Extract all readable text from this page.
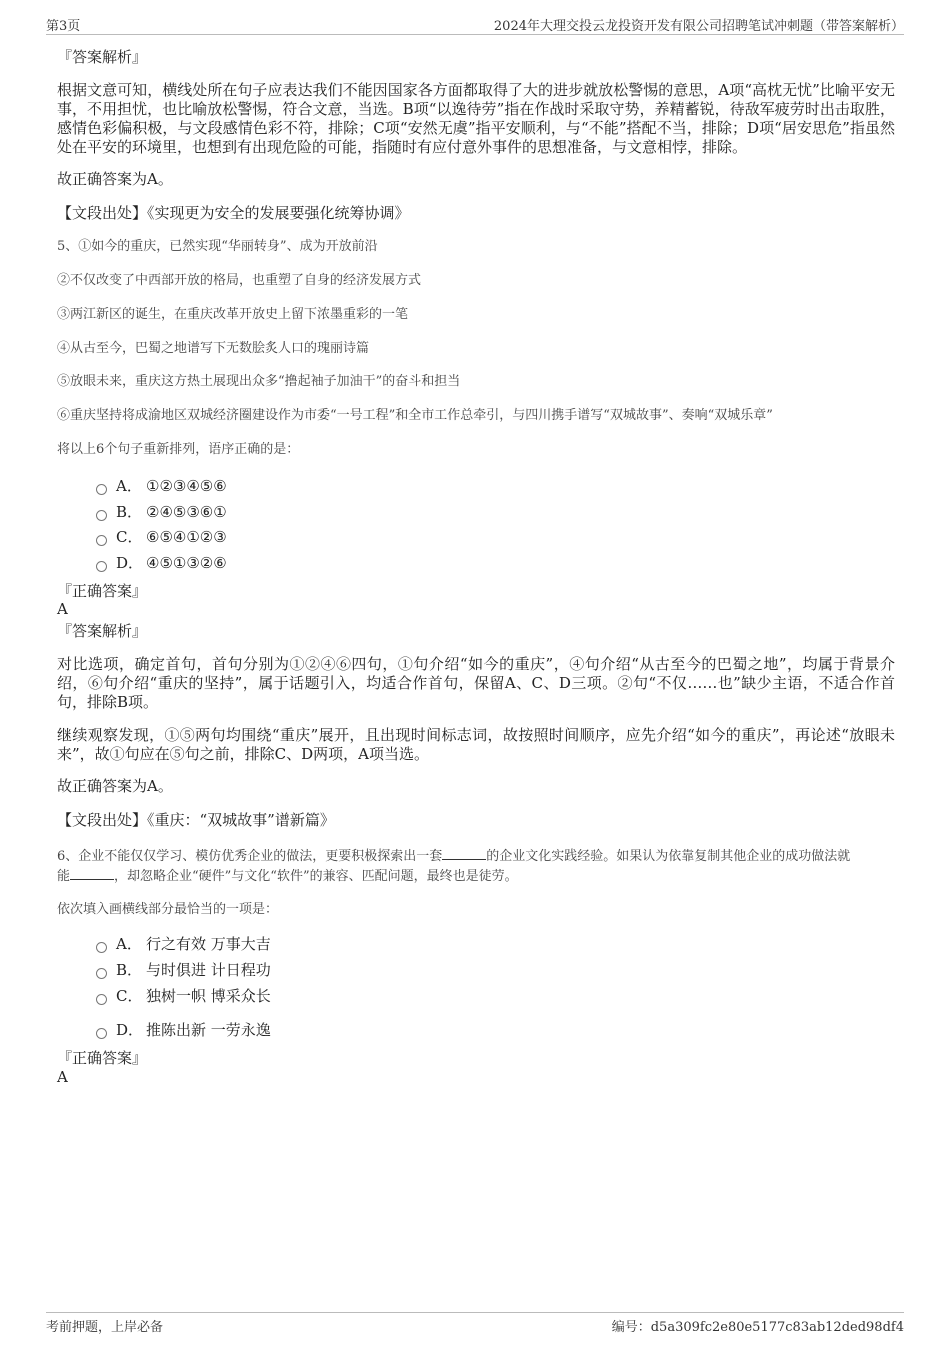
第3页	2024年大理交投云龙投资开发有限公司招聘笔试冲刺题（带答案解析）
『答案解析』
根据文意可知，横线处所在句子应表达我们不能因国家各方面都取得了大的进步就放松警惕的意思，A项“高枕无忧”比喻平安无事，不用担忧，也比喻放松警惕，符合文意，当选。B项“以逸待劳”指在作战时采取守势，养精蓄锐，待敌军疲劳时出击取胜，感情色彩偏积极，与文段感情色彩不符，排除；C项“安然无虞”指平安顺利，与“不能”搭配不当，排除；D项“居安思危”指虽然处在平安的环境里，也想到有出现危险的可能，指随时有应付意外事件的思想准备，与文意相悖，排除。
故正确答案为A。
【文段出处】《实现更为安全的发展要强化统筹协调》
5、①如今的重庆，已然实现“华丽转身”、成为开放前沿
②不仅改变了中西部开放的格局，也重塑了自身的经济发展方式
③两江新区的诞生，在重庆改革开放史上留下浓墨重彩的一笔
④从古至今，巴蜀之地谱写下无数脍炙人口的瑰丽诗篇
⑤放眼未来，重庆这方热土展现出众多“撸起袖子加油干”的奋斗和担当
⑥重庆坚持将成渝地区双城经济圈建设作为市委“一号工程”和全市工作总牵引，与四川携手谱写“双城故事”、奏响“双城乐章”
将以上6个句子重新排列，语序正确的是：
A． ①②③④⑤⑥
B． ②④⑤③⑥①
C． ⑥⑤④①②③
D． ④⑤①③②⑥
『正确答案』
A
『答案解析』
对比选项，确定首句，首句分别为①②④⑥四句，①句介绍“如今的重庆”，④句介绍“从古至今的巴蜀之地”，均属于背景介绍，⑥句介绍“重庆的坚持”，属于话题引入，均适合作首句，保留A、C、D三项。②句“不仅……也”缺少主语，不适合作首句，排除B项。
继续观察发现，①⑤两句均围绕“重庆”展开，且出现时间标志词，故按照时间顺序，应先介绍“如今的重庆”，再论述“放眼未来”，故①句应在⑤句之前，排除C、D两项，A项当选。
故正确答案为A。
【文段出处】《重庆：“双城故事”谱新篇》
6、企业不能仅仅学习、模仿优秀企业的做法，更要积极探索出一套	的企业文化实践经验。如果认为依靠复制其他企业的成功做法就
能	，却忽略企业“硬件”与文化“软件”的兼容、匹配问题，最终也是徒劳。
依次填入画横线部分最恰当的一项是：
A． 行之有效 万事大吉
B． 与时俱进 计日程功
C． 独树一帜 博采众长
D． 推陈出新 一劳永逸
『正确答案』
A
考前押题，上岸必备	编号：d5a309fc2e80e5177c83ab12ded98df4
